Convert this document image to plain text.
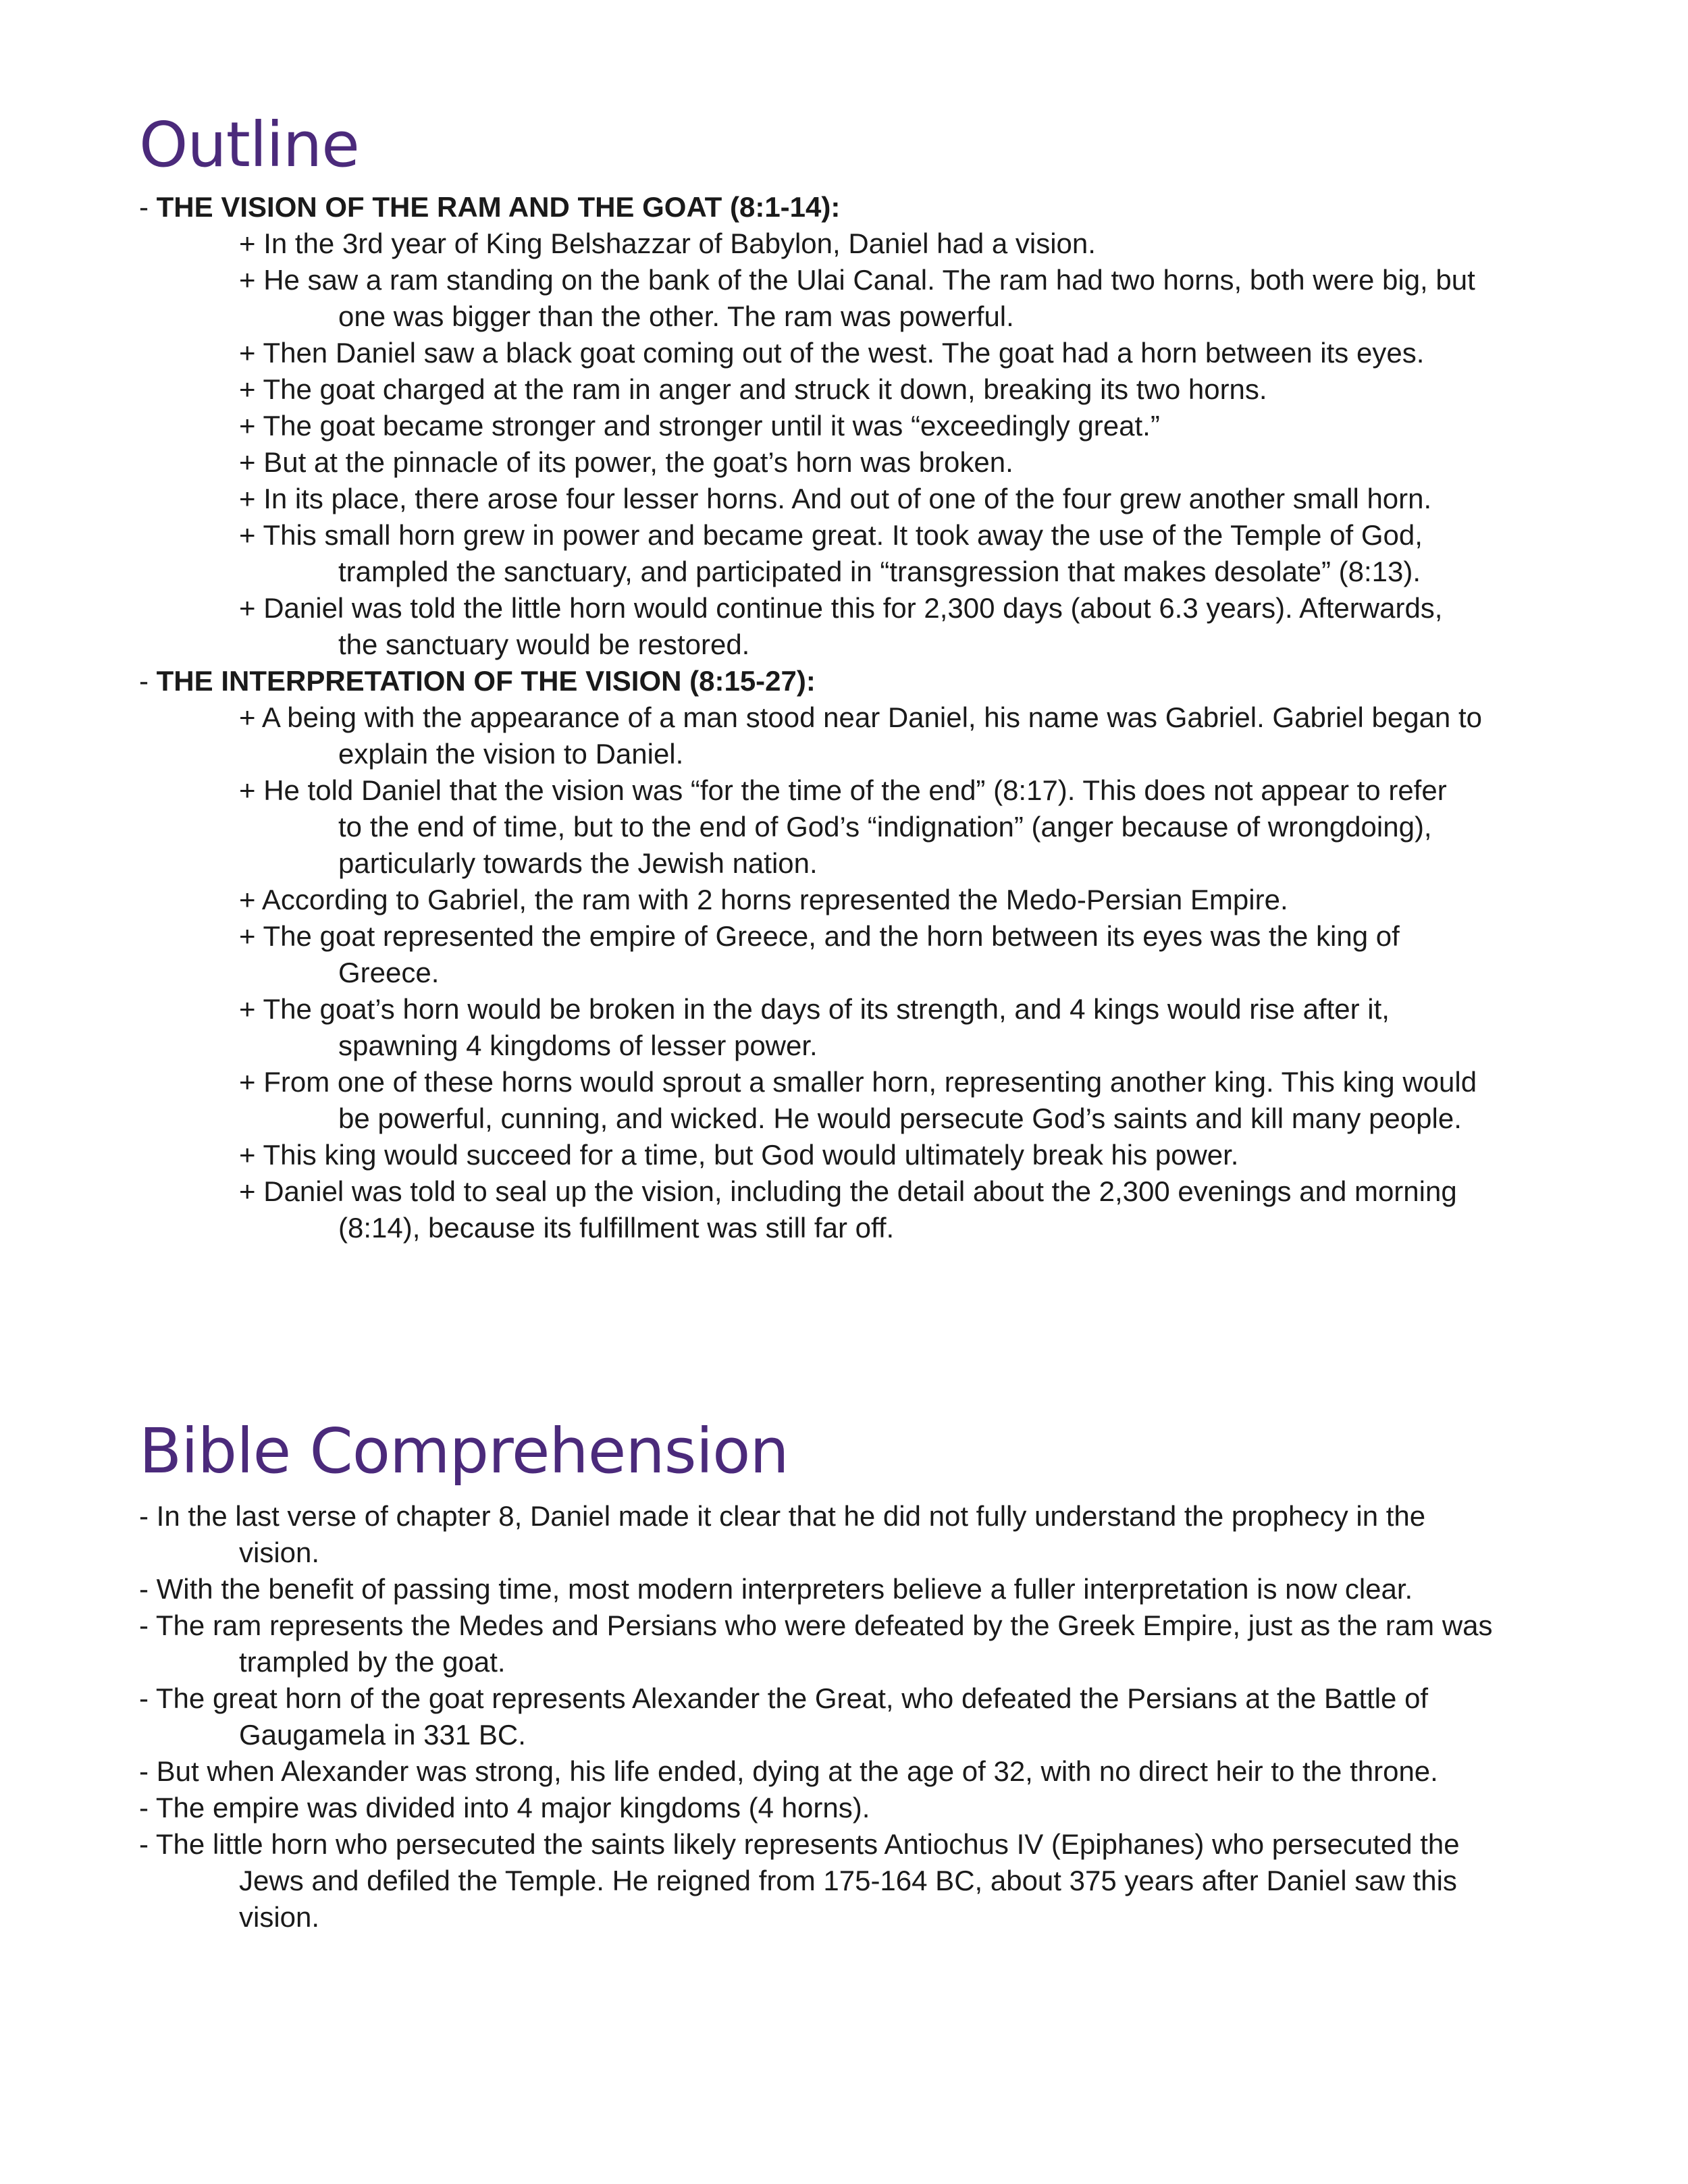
Outline

- THE VISION OF THE RAM AND THE GOAT (8:1-14):

+ In the 3rd year of King Belshazzar of Babylon, Daniel had a vision.

+ He saw a ram standing on the bank of the Ulai Canal. The ram had two horns, both were big, but

one was bigger than the other. The ram was powerful.

+ Then Daniel saw a black goat coming out of the west. The goat had a horn between its eyes.

+ The goat charged at the ram in anger and struck it down, breaking its two horns.

+ The goat became stronger and stronger until it was “exceedingly great.”

+ But at the pinnacle of its power, the goat’s horn was broken.

+ In its place, there arose four lesser horns. And out of one of the four grew another small horn.

+ This small horn grew in power and became great. It took away the use of the Temple of God,

trampled the sanctuary, and participated in “transgression that makes desolate” (8:13).

+ Daniel was told the little horn would continue this for 2,300 days (about 6.3 years). Afterwards,

the sanctuary would be restored.

- THE INTERPRETATION OF THE VISION (8:15-27):

+ A being with the appearance of a man stood near Daniel, his name was Gabriel. Gabriel began to

explain the vision to Daniel.

+ He told Daniel that the vision was “for the time of the end” (8:17). This does not appear to refer

to the end of time, but to the end of God’s “indignation” (anger because of wrongdoing),

particularly towards the Jewish nation.

+ According to Gabriel, the ram with 2 horns represented the Medo-Persian Empire.

+ The goat represented the empire of Greece, and the horn between its eyes was the king of

Greece.

+ The goat’s horn would be broken in the days of its strength, and 4 kings would rise after it,

spawning 4 kingdoms of lesser power.

+ From one of these horns would sprout a smaller horn, representing another king. This king would

be powerful, cunning, and wicked. He would persecute God’s saints and kill many people.

+ This king would succeed for a time, but God would ultimately break his power.

+ Daniel was told to seal up the vision, including the detail about the 2,300 evenings and morning

(8:14), because its fulfillment was still far off.

Bible Comprehension

- In the last verse of chapter 8, Daniel made it clear that he did not fully understand the prophecy in the

vision.

- With the benefit of passing time, most modern interpreters believe a fuller interpretation is now clear.

- The ram represents the Medes and Persians who were defeated by the Greek Empire, just as the ram was

trampled by the goat.

- The great horn of the goat represents Alexander the Great, who defeated the Persians at the Battle of

Gaugamela in 331 BC.

- But when Alexander was strong, his life ended, dying at the age of 32, with no direct heir to the throne.

- The empire was divided into 4 major kingdoms (4 horns).

- The little horn who persecuted the saints likely represents Antiochus IV (Epiphanes) who persecuted the

Jews and defiled the Temple. He reigned from 175-164 BC, about 375 years after Daniel saw this

vision.
